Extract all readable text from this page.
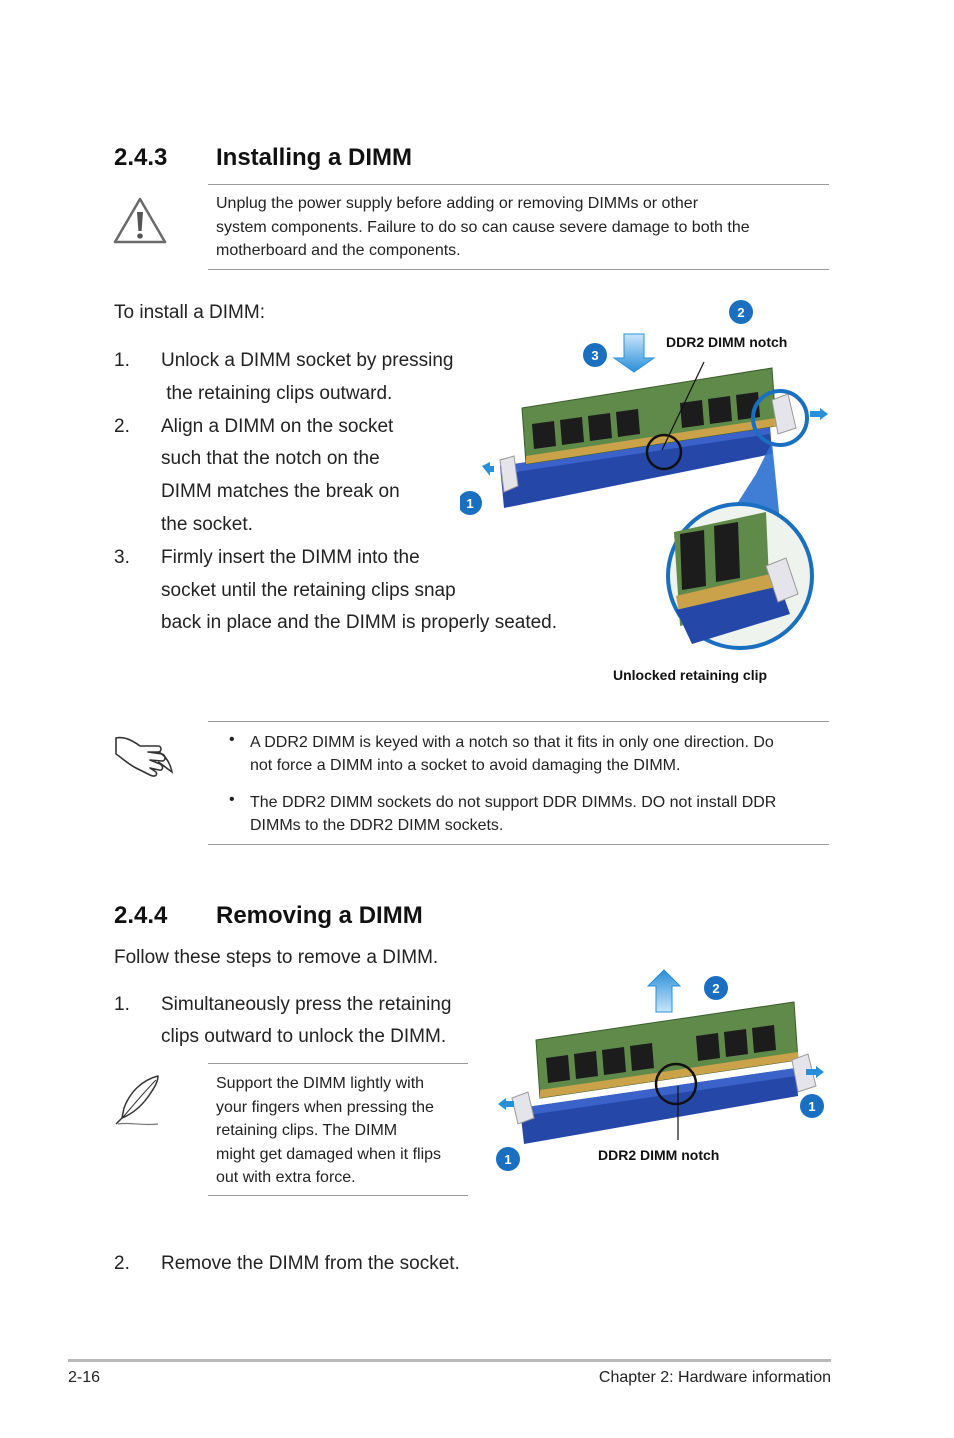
2.4.3 Installing a DIMM
Unplug the power supply before adding or removing DIMMs or other
system components. Failure to do so can cause severe damage to both the
motherboard and the components.
To install a DIMM:
1. Unlock a DIMM socket by pressing
the retaining clips outward.
2. Align a DIMM on the socket
such that the notch on the
DIMM matches the break on
the socket.
3. Firmly insert the DIMM into the
socket until the retaining clips snap
back in place and the DIMM is properly seated.
3
2
1
DDR2 DIMM notch
Unlocked retaining clip
• A DDR2 DIMM is keyed with a notch so that it fits in only one direction. Do
not force a DIMM into a socket to avoid damaging the DIMM.
• The DDR2 DIMM sockets do not support DDR DIMMs. DO not install DDR
DIMMs to the DDR2 DIMM sockets.
2.4.4 Removing a DIMM
Follow these steps to remove a DIMM.
1. Simultaneously press the retaining
clips outward to unlock the DIMM.
Support the DIMM lightly with
your fingers when pressing the
retaining clips. The DIMM
might get damaged when it flips
out with extra force.
2
1
1	DDR2 DIMM notch
2. Remove the DIMM from the socket.
2-16	Chapter 2: Hardware information
